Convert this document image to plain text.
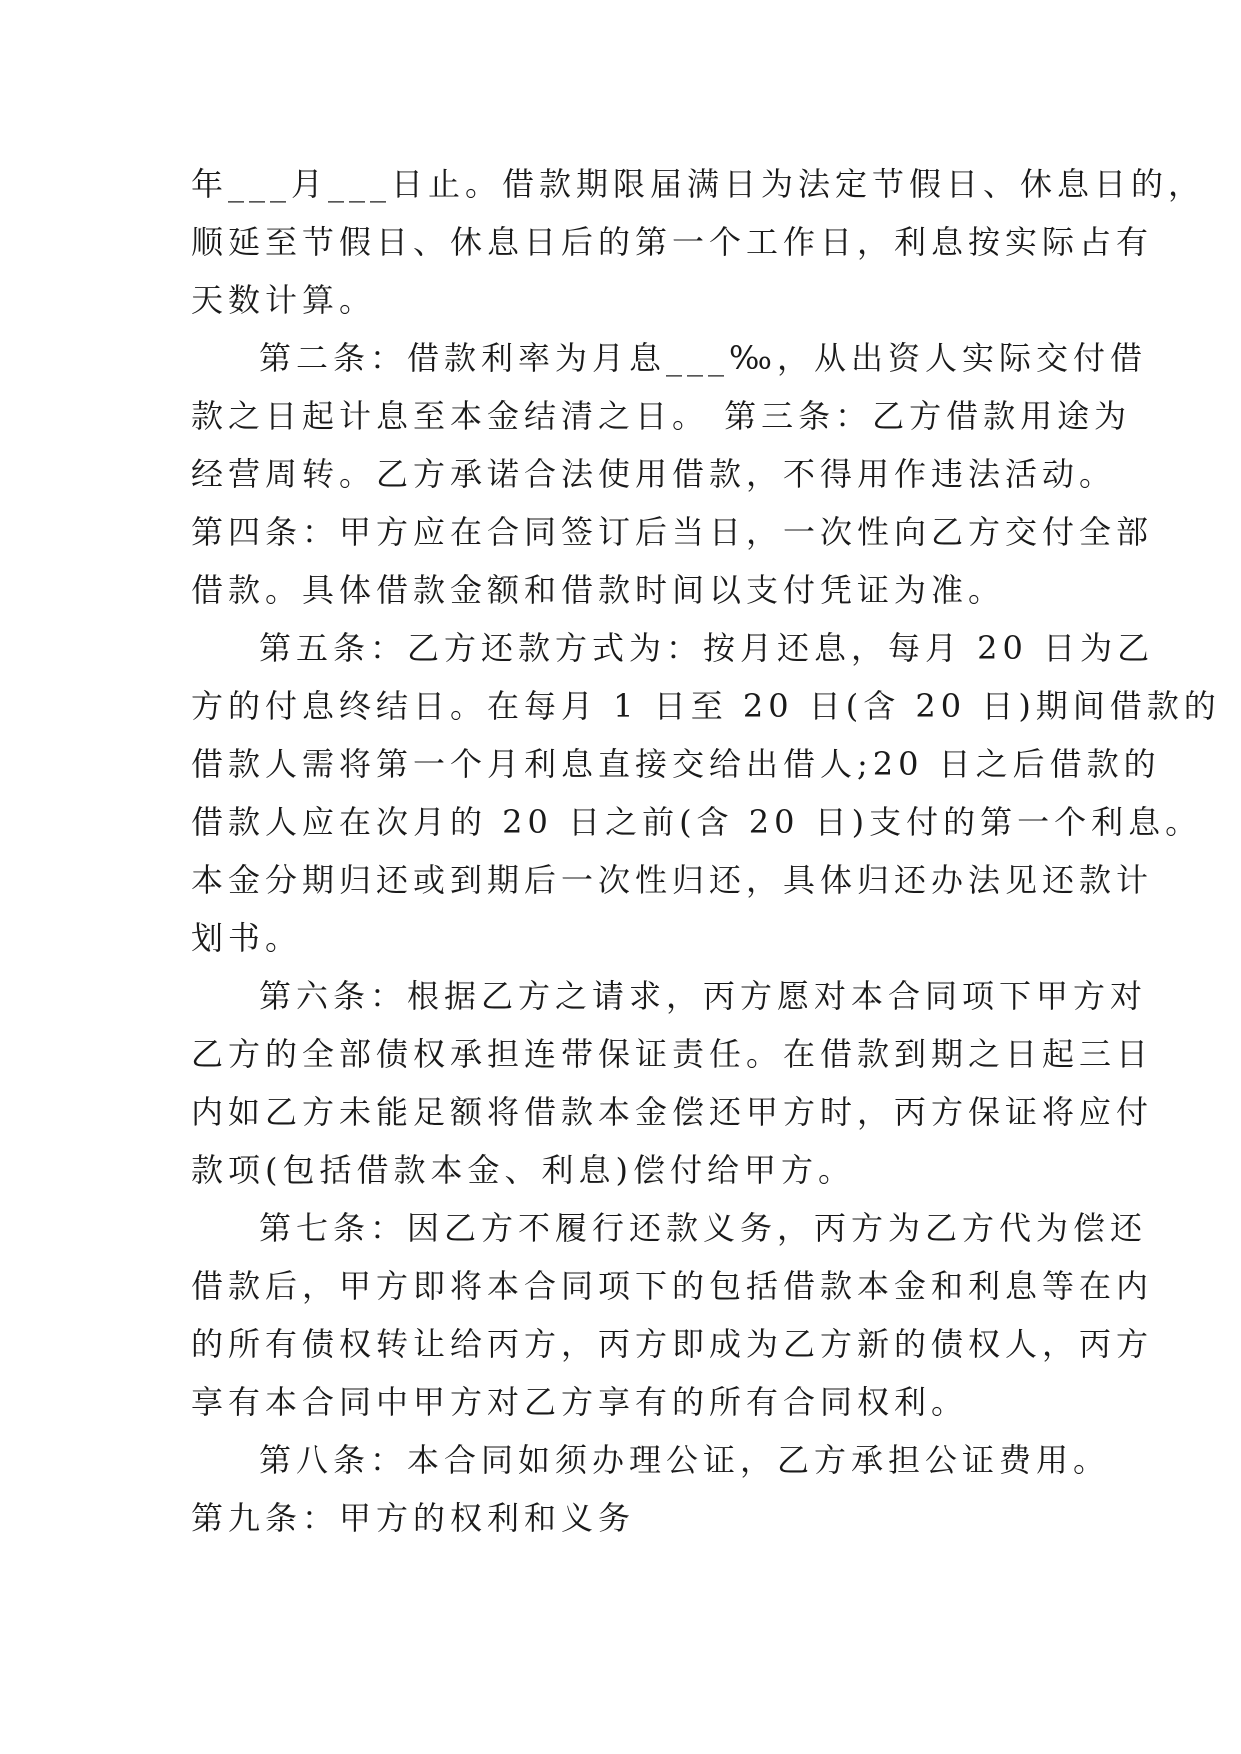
年___月___日止。借款期限届满日为法定节假日、休息日的，
顺延至节假日、休息日后的第一个工作日，利息按实际占有
天数计算。
第二条：借款利率为月息___‰，从出资人实际交付借
款之日起计息至本金结清之日。 第三条：乙方借款用途为
经营周转。乙方承诺合法使用借款，不得用作违法活动。
第四条：甲方应在合同签订后当日，一次性向乙方交付全部
借款。具体借款金额和借款时间以支付凭证为准。
第五条：乙方还款方式为：按月还息，每月 20 日为乙
方的付息终结日。在每月 1 日至 20 日(含 20 日)期间借款的
借款人需将第一个月利息直接交给出借人;20 日之后借款的
借款人应在次月的 20 日之前(含 20 日)支付的第一个利息。
本金分期归还或到期后一次性归还，具体归还办法见还款计
划书。
第六条：根据乙方之请求，丙方愿对本合同项下甲方对
乙方的全部债权承担连带保证责任。在借款到期之日起三日
内如乙方未能足额将借款本金偿还甲方时，丙方保证将应付
款项(包括借款本金、利息)偿付给甲方。
第七条：因乙方不履行还款义务，丙方为乙方代为偿还
借款后，甲方即将本合同项下的包括借款本金和利息等在内
的所有债权转让给丙方，丙方即成为乙方新的债权人，丙方
享有本合同中甲方对乙方享有的所有合同权利。
第八条：本合同如须办理公证，乙方承担公证费用。
第九条：甲方的权利和义务
